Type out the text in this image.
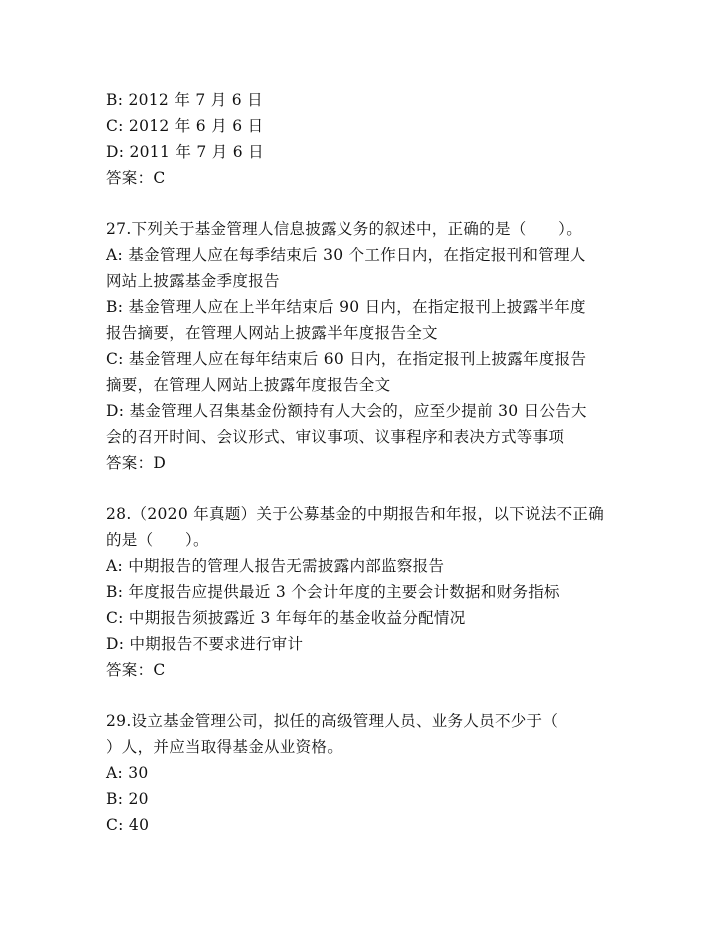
B: 2012 年 7 月 6 日
C: 2012 年 6 月 6 日
D: 2011 年 7 月 6 日
答案：C
27.下列关于基金管理人信息披露义务的叙述中，正确的是（　　）。
A: 基金管理人应在每季结束后 30 个工作日内，在指定报刊和管理人
网站上披露基金季度报告
B: 基金管理人应在上半年结束后 90 日内，在指定报刊上披露半年度
报告摘要，在管理人网站上披露半年度报告全文
C: 基金管理人应在每年结束后 60 日内，在指定报刊上披露年度报告
摘要，在管理人网站上披露年度报告全文
D: 基金管理人召集基金份额持有人大会的，应至少提前 30 日公告大
会的召开时间、会议形式、审议事项、议事程序和表决方式等事项
答案：D
28.（2020 年真题）关于公募基金的中期报告和年报，以下说法不正确
的是（　　）。
A: 中期报告的管理人报告无需披露内部监察报告
B: 年度报告应提供最近 3 个会计年度的主要会计数据和财务指标
C: 中期报告须披露近 3 年每年的基金收益分配情况
D: 中期报告不要求进行审计
答案：C
29.设立基金管理公司，拟任的高级管理人员、业务人员不少于（
）人，并应当取得基金从业资格。
A: 30
B: 20
C: 40
